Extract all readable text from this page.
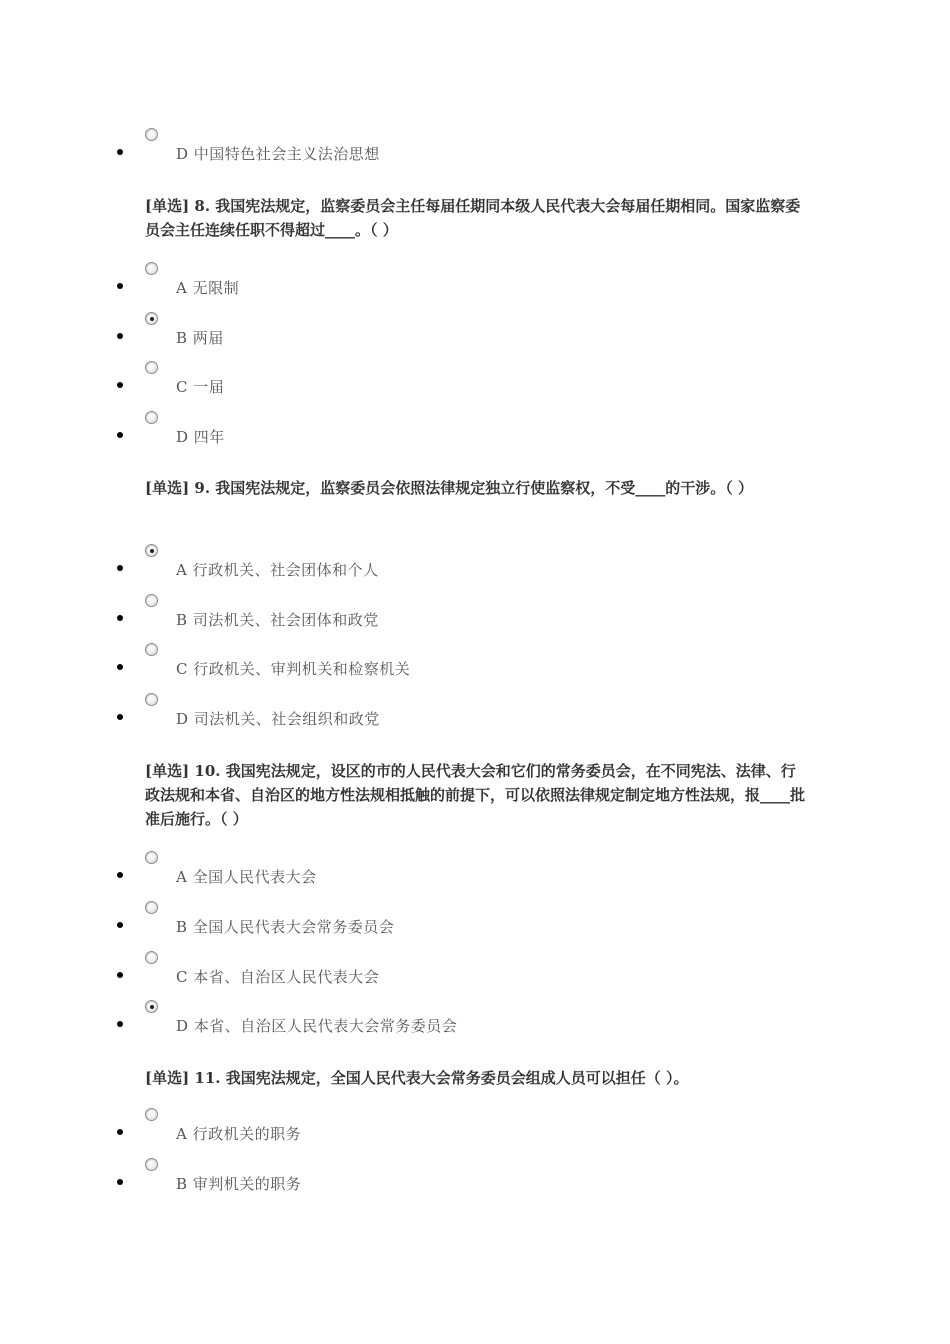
D 中国特色社会主义法治思想
[单选] 8. 我国宪法规定，监察委员会主任每届任期同本级人民代表大会每届任期相同。国家监察委员会主任连续任职不得超过____。（ ）
A 无限制
B 两届
C 一届
D 四年
[单选] 9. 我国宪法规定，监察委员会依照法律规定独立行使监察权，不受____的干涉。（ ）
A 行政机关、社会团体和个人
B 司法机关、社会团体和政党
C 行政机关、审判机关和检察机关
D 司法机关、社会组织和政党
[单选] 10. 我国宪法规定，设区的市的人民代表大会和它们的常务委员会，在不同宪法、法律、行政法规和本省、自治区的地方性法规相抵触的前提下，可以依照法律规定制定地方性法规，报____批准后施行。（ ）
A 全国人民代表大会
B 全国人民代表大会常务委员会
C 本省、自治区人民代表大会
D 本省、自治区人民代表大会常务委员会
[单选] 11. 我国宪法规定，全国人民代表大会常务委员会组成人员可以担任（ ）。
A 行政机关的职务
B 审判机关的职务
